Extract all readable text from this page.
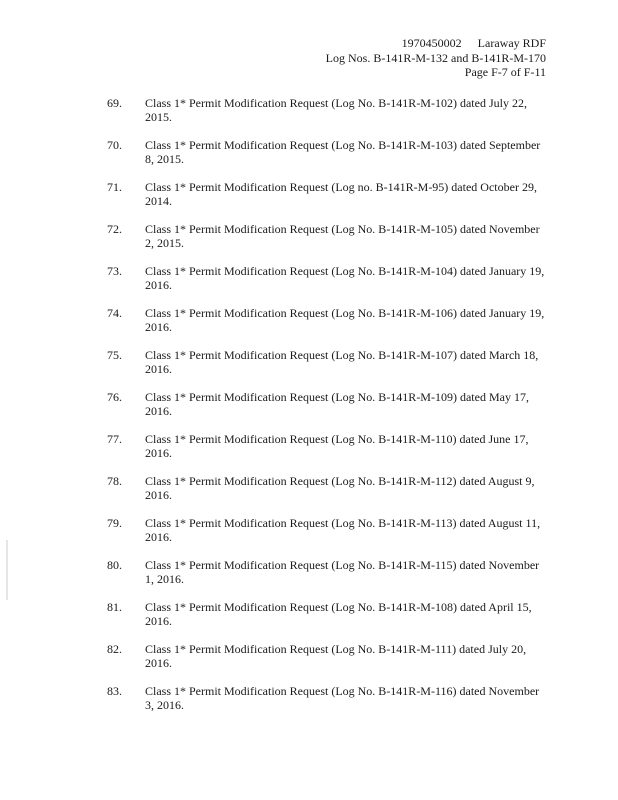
1970450002 Laraway RDF
Log Nos. B-141R-M-132 and B-141R-M-170
Page F-7 of F-11
69.	Class 1* Permit Modification Request (Log No. B-141R-M-102) dated July 22, 2015.
70.	Class 1* Permit Modification Request (Log No. B-141R-M-103) dated September 8, 2015.
71.	Class 1* Permit Modification Request (Log no. B-141R-M-95) dated October 29, 2014.
72.	Class 1* Permit Modification Request (Log No. B-141R-M-105) dated November 2, 2015.
73.	Class 1* Permit Modification Request (Log No. B-141R-M-104) dated January 19, 2016.
74.	Class 1* Permit Modification Request (Log No. B-141R-M-106) dated January 19, 2016.
75.	Class 1* Permit Modification Request (Log No. B-141R-M-107) dated March 18, 2016.
76.	Class 1* Permit Modification Request (Log No. B-141R-M-109) dated May 17, 2016.
77.	Class 1* Permit Modification Request (Log No. B-141R-M-110) dated June 17, 2016.
78.	Class 1* Permit Modification Request (Log No. B-141R-M-112) dated August 9, 2016.
79.	Class 1* Permit Modification Request (Log No. B-141R-M-113) dated August 11, 2016.
80.	Class 1* Permit Modification Request (Log No. B-141R-M-115) dated November 1, 2016.
81.	Class 1* Permit Modification Request (Log No. B-141R-M-108) dated April 15, 2016.
82.	Class 1* Permit Modification Request (Log No. B-141R-M-111) dated July 20, 2016.
83.	Class 1* Permit Modification Request (Log No. B-141R-M-116) dated November 3, 2016.
